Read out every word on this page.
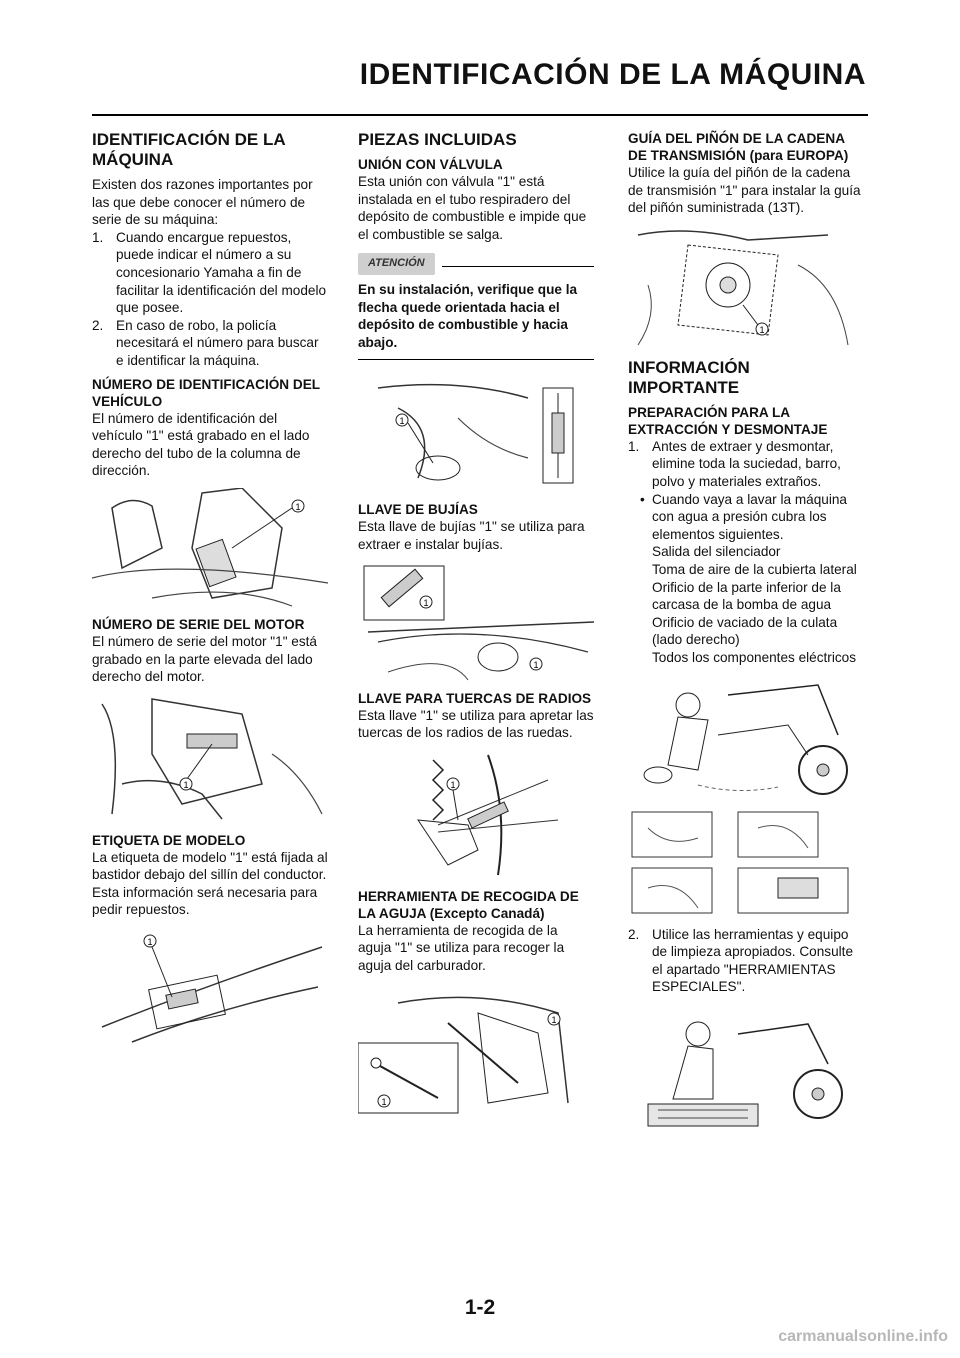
IDENTIFICACIÓN DE LA MÁQUINA
IDENTIFICACIÓN DE LA MÁQUINA

Existen dos razones importantes por las que debe conocer el número de serie de su máquina:

1. Cuando encargue repuestos, puede indicar el número a su concesionario Yamaha a fin de facilitar la identificación del modelo que posee.
2. En caso de robo, la policía necesitará el número para buscar e identificar la máquina.
NÚMERO DE IDENTIFICACIÓN DEL VEHÍCULO

El número de identificación del vehículo "1" está grabado en el lado derecho del tubo de la columna de dirección.

1
NÚMERO DE SERIE DEL MOTOR

El número de serie del motor "1" está grabado en la parte elevada del lado derecho del motor.

1
ETIQUETA DE MODELO

La etiqueta de modelo "1" está fijada al bastidor debajo del sillín del conductor. Esta información será necesaria para pedir repuestos.

1
PIEZAS INCLUIDAS
UNIÓN CON VÁLVULA

Esta unión con válvula "1" está instalada en el tubo respiradero del depósito de combustible e impide que el combustible se salga.

ATENCIÓN
En su instalación, verifique que la flecha quede orientada hacia el depósito de combustible y hacia abajo.
1
LLAVE DE BUJÍAS

Esta llave de bujías "1" se utiliza para extraer e instalar bujías.

1
1
LLAVE PARA TUERCAS DE RADIOS

Esta llave "1" se utiliza para apretar las tuercas de los radios de las ruedas.

1
HERRAMIENTA DE RECOGIDA DE LA AGUJA (Excepto Canadá)

La herramienta de recogida de la aguja "1" se utiliza para recoger la aguja del carburador.

1
1
GUÍA DEL PIÑÓN DE LA CADENA DE TRANSMISIÓN (para EUROPA)

Utilice la guía del piñón de la cadena de transmisión "1" para instalar la guía del piñón suministrada (13T).

1
INFORMACIÓN IMPORTANTE
PREPARACIÓN PARA LA EXTRACCIÓN Y DESMONTAJE
1. Antes de extraer y desmontar, elimine toda la suciedad, barro, polvo y materiales extraños.
• Cuando vaya a lavar la máquina con agua a presión cubra los elementos siguientes.

Salida del silenciador

Toma de aire de la cubierta lateral

Orificio de la parte inferior de la carcasa de la bomba de agua

Orificio de vaciado de la culata (lado derecho)

Todos los componentes eléctricos

2. Utilice las herramientas y equipo de limpieza apropiados. Consulte el apartado "HERRAMIENTAS ESPECIALES".
1-2
carmanualsonline.info
